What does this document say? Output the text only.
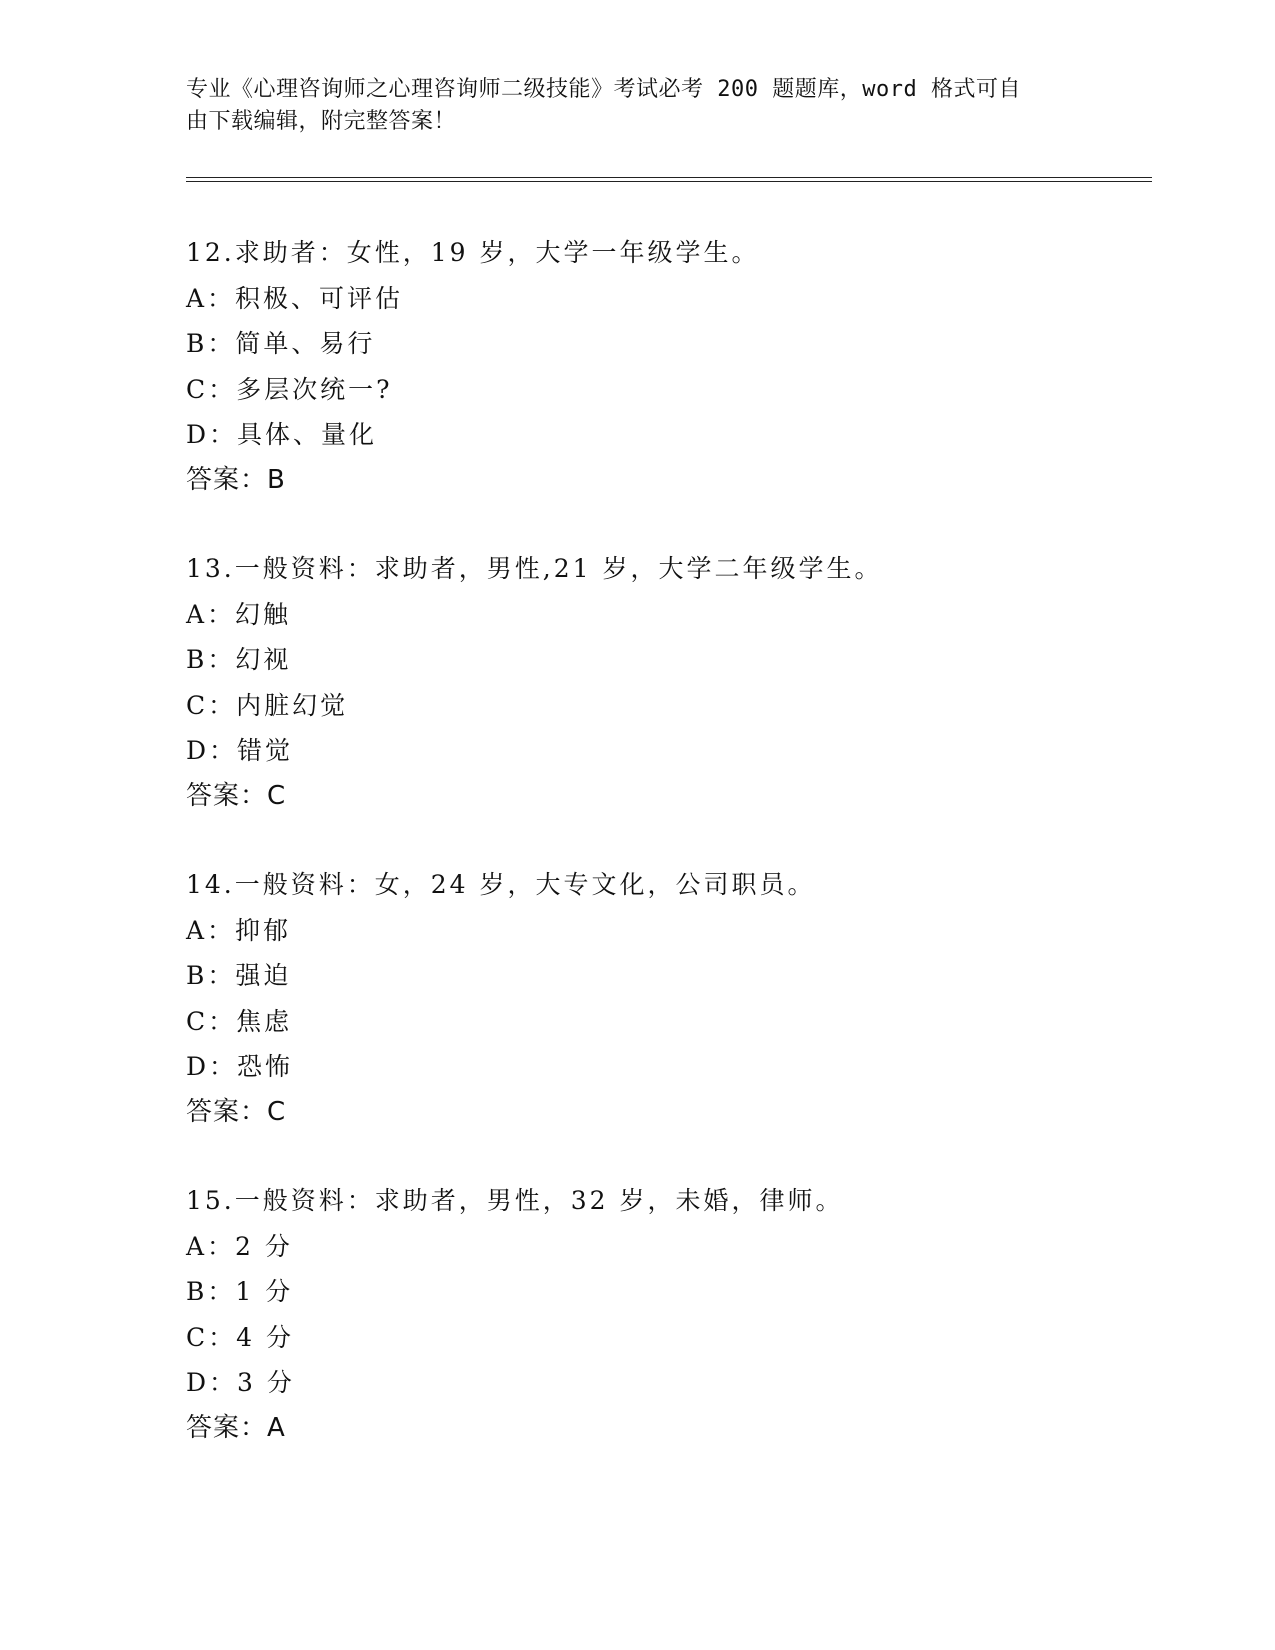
专业《心理咨询师之心理咨询师二级技能》考试必考 200 题题库，word 格式可自
由下载编辑，附完整答案！
12.求助者：女性，19 岁，大学一年级学生。
A：积极、可评估
B：简单、易行
C：多层次统一?
D：具体、量化
答案：B
13.一般资料：求助者，男性,21 岁，大学二年级学生。
A：幻触
B：幻视
C：内脏幻觉
D：错觉
答案：C
14.一般资料：女，24 岁，大专文化，公司职员。
A：抑郁
B：强迫
C：焦虑
D：恐怖
答案：C
15.一般资料：求助者，男性，32 岁，未婚，律师。
A：2 分
B：1 分
C：4 分
D：3 分
答案：A
